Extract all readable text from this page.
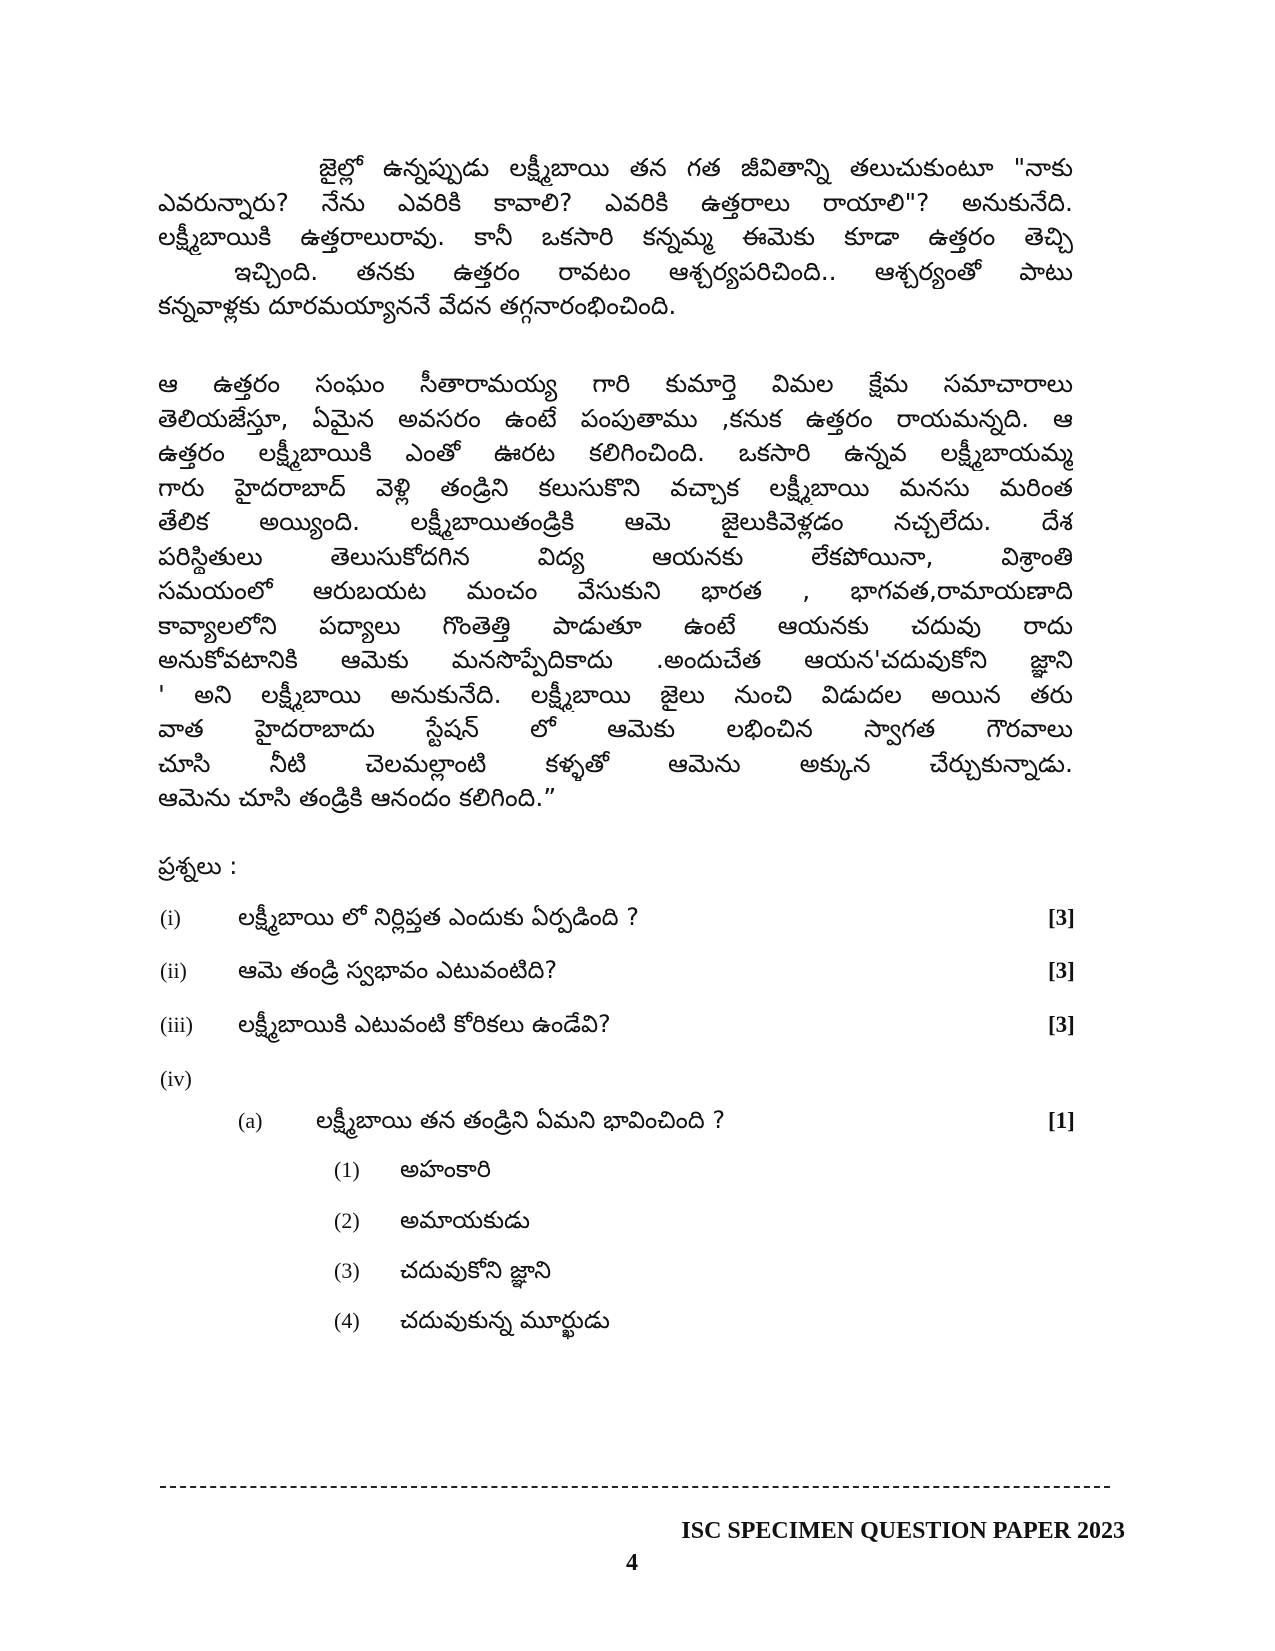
జైల్లో ఉన్నప్పుడు లక్ష్మీబాయి తన గత జీవితాన్ని తలుచుకుంటూ "నాకు
ఎవరున్నారు? నేను ఎవరికి కావాలి? ఎవరికి ఉత్తరాలు రాయాలి"? అనుకునేది.
లక్ష్మీబాయికి ఉత్తరాలురావు. కానీ ఒకసారి కన్నమ్మ ఈమెకు కూడా ఉత్తరం తెచ్చి
ఇచ్చింది. తనకు ఉత్తరం రావటం ఆశ్చర్యపరిచింది.. ఆశ్చర్యంతో పాటు
కన్నవాళ్లకు దూరమయ్యాననే వేదన తగ్గనారంభించింది.
ఆ ఉత్తరం సంఘం సీతారామయ్య గారి కుమార్తె విమల క్షేమ సమాచారాలు
తెలియజేస్తూ, ఏమైన అవసరం ఉంటే పంపుతాము ,కనుక ఉత్తరం రాయమన్నది. ఆ
ఉత్తరం లక్ష్మీబాయికి ఎంతో ఊరట కలిగించింది. ఒకసారి ఉన్నవ లక్ష్మీబాయమ్మ
గారు హైదరాబాద్ వెళ్లి తండ్రిని కలుసుకొని వచ్చాక లక్ష్మీబాయి మనసు మరింత
తేలిక అయ్యింది. లక్ష్మీబాయితండ్రికి ఆమె జైలుకివెళ్లడం నచ్చలేదు. దేశ
పరిస్థితులు తెలుసుకోదగిన విద్య ఆయనకు లేకపోయినా, విశ్రాంతి
సమయంలో ఆరుబయట మంచం వేసుకుని భారత , భాగవత,రామాయణాది
కావ్యాలలోని పద్యాలు గొంతెత్తి పాడుతూ ఉంటే ఆయనకు చదువు రాదు
అనుకోవటానికి ఆమెకు మనసొప్పేదికాదు .అందుచేత ఆయన'చదువుకోని జ్ఞాని
' అని లక్ష్మీబాయి అనుకునేది. లక్ష్మీబాయి జైలు నుంచి విడుదల అయిన తరు
వాత హైదరాబాదు స్టేషన్ లో ఆమెకు లభించిన స్వాగత గౌరవాలు
చూసి నీటి చెలమల్లాంటి కళ్ళతో ఆమెను అక్కున చేర్చుకున్నాడు.
ఆమెను చూసి తండ్రికి ఆనందం కలిగింది.”
ప్రశ్నలు :
(i) లక్ష్మీబాయి లో నిర్లిప్తత ఎందుకు ఏర్పడింది ?	[3]
(ii) ఆమె తండ్రి స్వభావం ఎటువంటిది?	[3]
(iii) లక్ష్మీబాయికి ఎటువంటి కోరికలు ఉండేవి?	[3]
(iv)
(a) లక్ష్మీబాయి తన తండ్రిని ఏమని భావించింది ?	[1]
(1) అహంకారి
(2) అమాయకుడు
(3) చదువుకోని జ్ఞాని
(4) చదువుకున్న మూర్ఖుడు
ISC SPECIMEN QUESTION PAPER 2023
4
